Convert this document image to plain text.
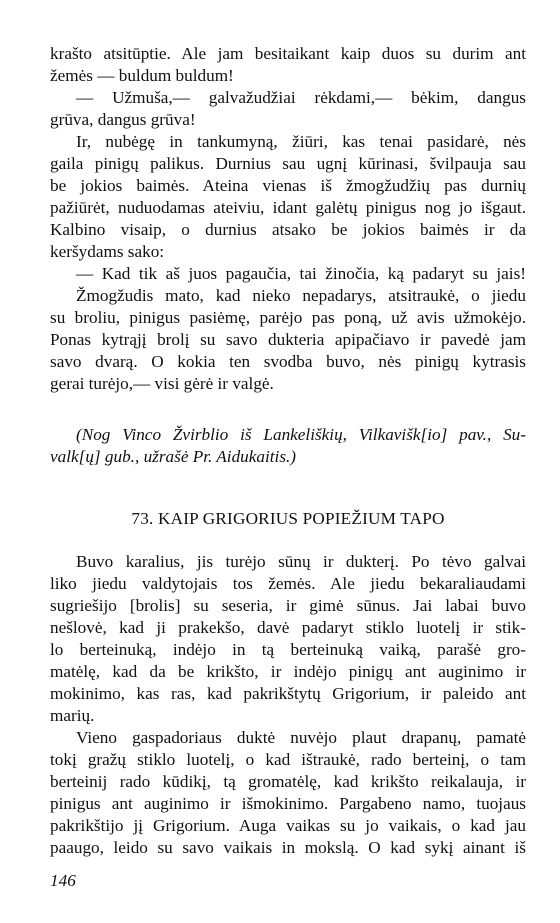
krašto atsitūptie. Ale jam besitaikant kaip duos su durim ant
žemės — buldum buldum!
— Užmuša,— galvažudžiai rėkdami,— bėkim, dangus
grūva, dangus grūva!
Ir, nubėgę in tankumyną, žiūri, kas tenai pasidarė, nės
gaila pinigų palikus. Durnius sau ugnį kūrinasi, švilpauja sau
be jokios baimės. Ateina vienas iš žmogžudžių pas durnių
pažiūrėt, nuduodamas ateiviu, idant galėtų pinigus nog jo išgaut.
Kalbino visaip, o durnius atsako be jokios baimės ir da
keršydams sako:
— Kad tik aš juos pagaučia, tai žinočia, ką padaryt su jais!
Žmogžudis mato, kad nieko nepadarys, atsitraukė, o jiedu
su broliu, pinigus pasiėmę, parėjo pas poną, už avis užmokėjo.
Ponas kytrąjį brolį su savo dukteria apipačiavo ir pavedė jam
savo dvarą. O kokia ten svodba buvo, nės pinigų kytrasis
gerai turėjo,— visi gėrė ir valgė.
(Nog Vinco Žvirblio iš Lankeliškių, Vilkavišk[io] pav., Su-
valk[ų] gub., užrašė Pr. Aidukaitis.)
73. KAIP GRIGORIUS POPIEŽIUM TAPO
Buvo karalius, jis turėjo sūnų ir dukterį. Po tėvo galvai
liko jiedu valdytojais tos žemės. Ale jiedu bekaraliaudami
sugriešijo [brolis] su seseria, ir gimė sūnus. Jai labai buvo
nešlovė, kad ji prakekšo, davė padaryt stiklo luotelį ir stik-
lo berteinuką, indėjo in tą berteinuką vaiką, parašė gro-
matėlę, kad da be krikšto, ir indėjo pinigų ant auginimo ir
mokinimo, kas ras, kad pakrikštytų Grigorium, ir paleido ant
marių.
Vieno gaspadoriaus duktė nuvėjo plaut drapanų, pamatė
tokį gražų stiklo luotelį, o kad ištraukė, rado berteinį, o tam
berteinij rado kūdikį, tą gromatėlę, kad krikšto reikalauja, ir
pinigus ant auginimo ir išmokinimo. Pargabeno namo, tuojaus
pakrikštijo jį Grigorium. Auga vaikas su jo vaikais, o kad jau
paaugo, leido su savo vaikais in mokslą. O kad sykį ainant iš
146
